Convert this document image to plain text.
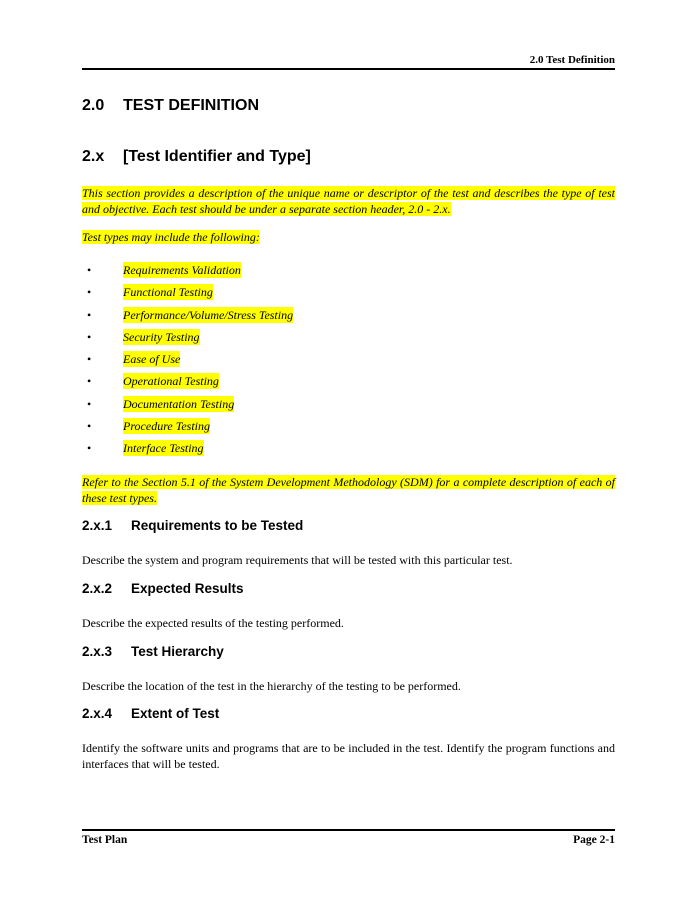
2.0 Test Definition
2.0 TEST DEFINITION
2.x [Test Identifier and Type]
This section provides a description of the unique name or descriptor of the test and describes the type of test and objective. Each test should be under a separate section header, 2.0 - 2.x.
Test types may include the following:
•	Requirements Validation
•	Functional Testing
•	Performance/Volume/Stress Testing
•	Security Testing
•	Ease of Use
•	Operational Testing
•	Documentation Testing
•	Procedure Testing
•	Interface Testing
Refer to the Section 5.1 of the System Development Methodology (SDM) for a complete description of each of these test types.
2.x.1 Requirements to be Tested
Describe the system and program requirements that will be tested with this particular test.
2.x.2 Expected Results
Describe the expected results of the testing performed.
2.x.3 Test Hierarchy
Describe the location of the test in the hierarchy of the testing to be performed.
2.x.4 Extent of Test
Identify the software units and programs that are to be included in the test. Identify the program functions and interfaces that will be tested.
Test Plan	Page 2-1
